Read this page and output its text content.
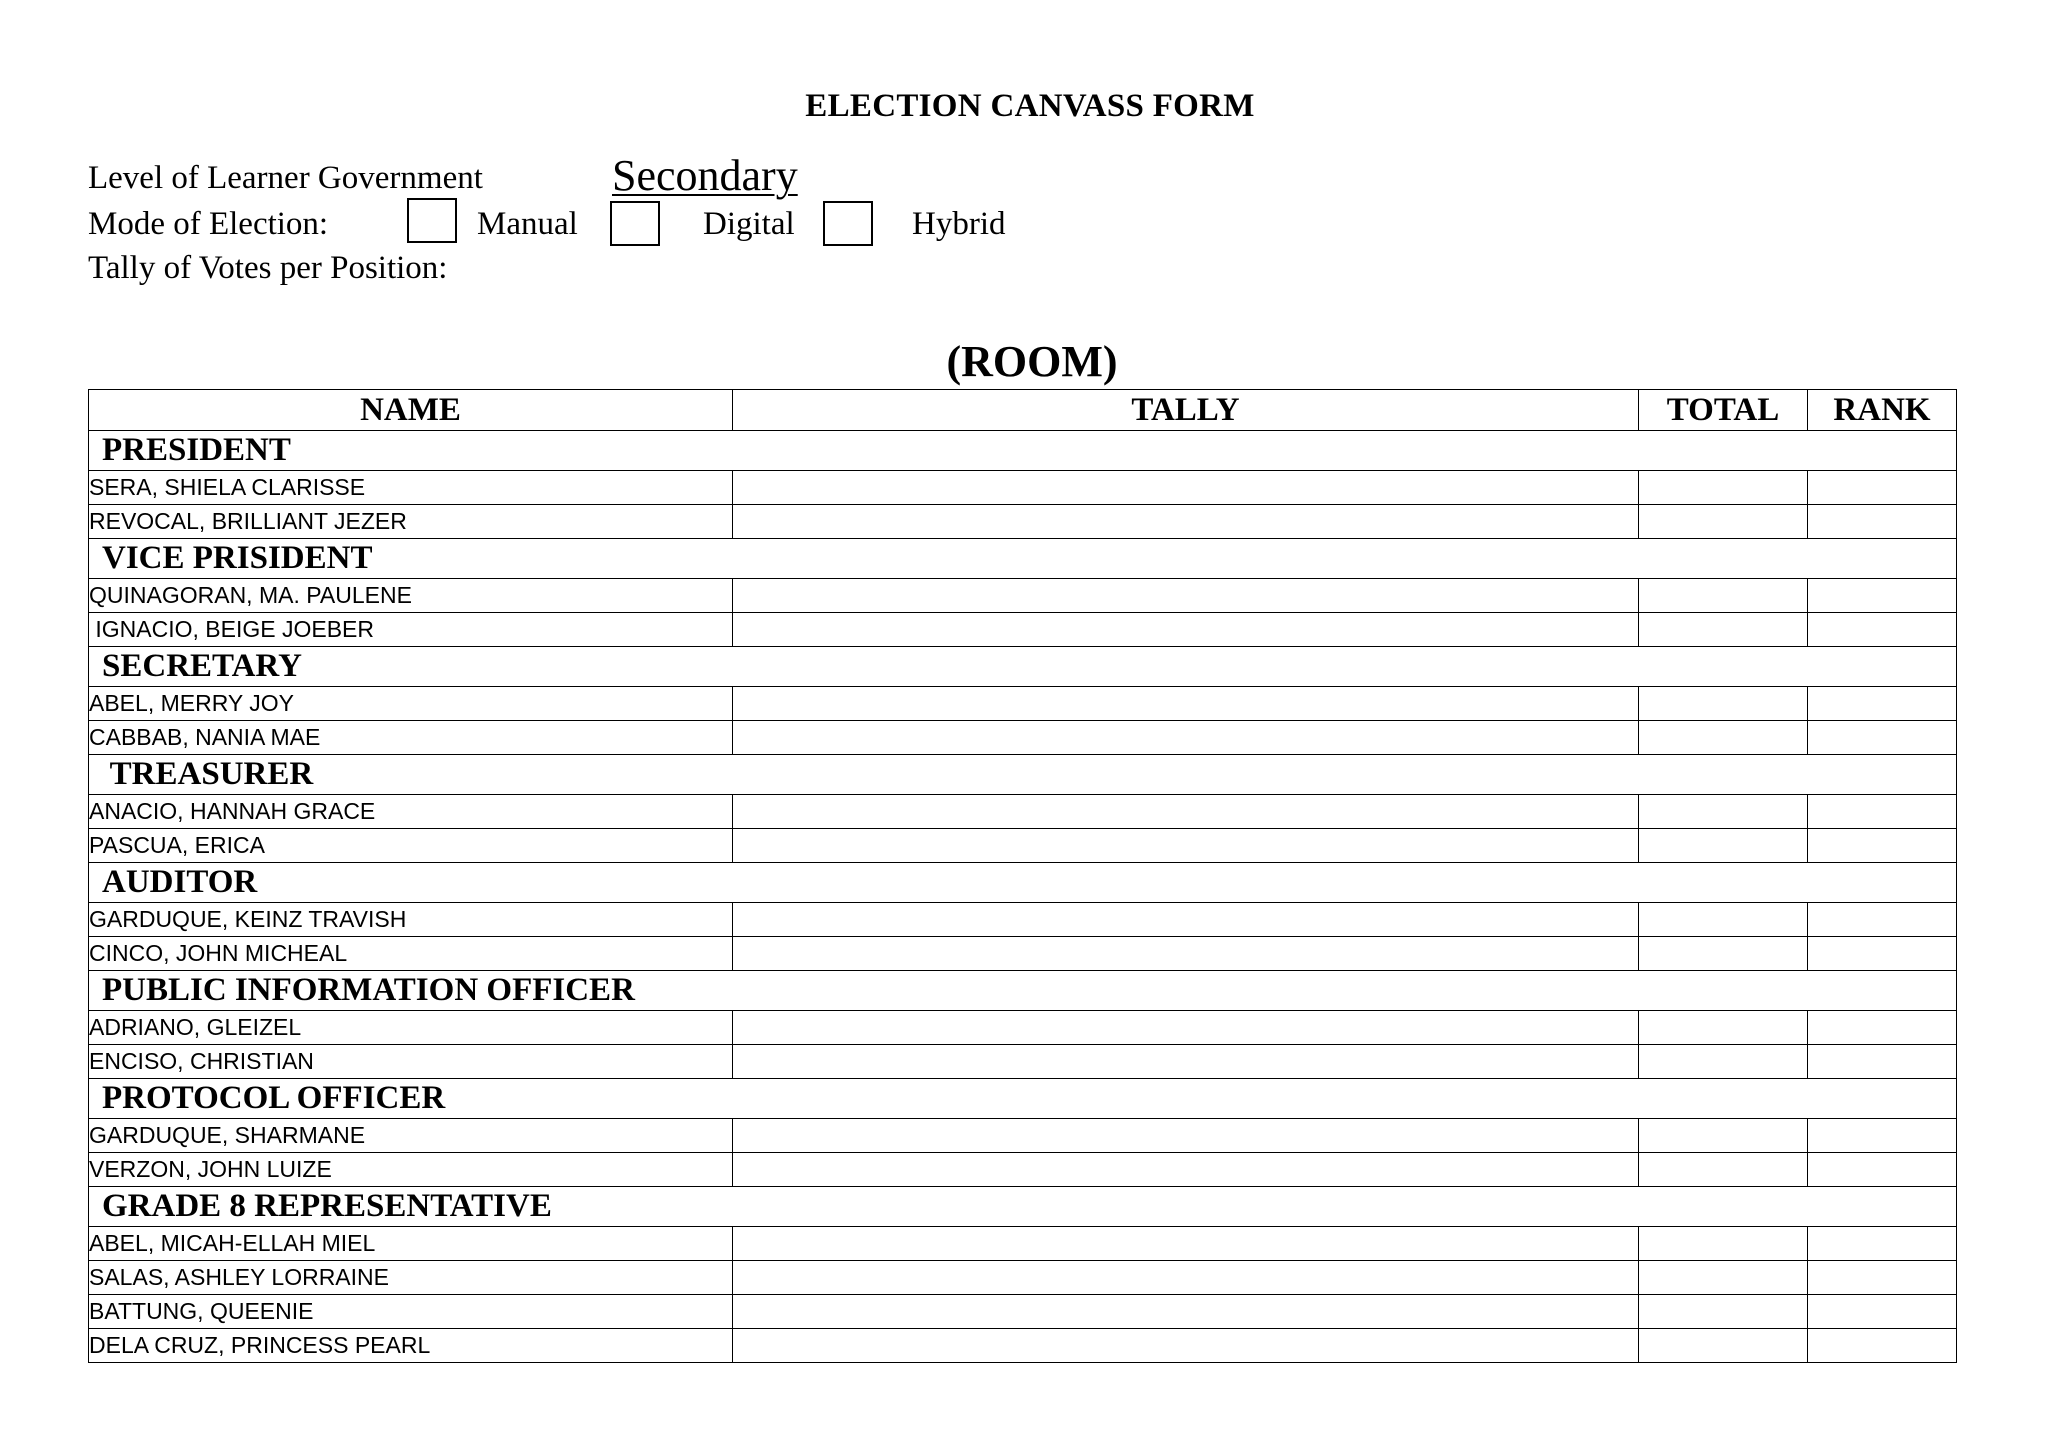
ELECTION CANVASS FORM
Level of Learner Government	Secondary
Mode of Election:	Manual	Digital	Hybrid
Tally of Votes per Position:
(ROOM)
NAME	TALLY	TOTAL	RANK
PRESIDENT			
SERA, SHIELA CLARISSE			
REVOCAL, BRILLIANT JEZER			
VICE PRISIDENT			
QUINAGORAN, MA. PAULENE			
IGNACIO, BEIGE JOEBER			
SECRETARY			
ABEL, MERRY JOY			
CABBAB, NANIA MAE			
TREASURER			
ANACIO, HANNAH GRACE			
PASCUA, ERICA			
AUDITOR			
GARDUQUE, KEINZ TRAVISH			
CINCO, JOHN MICHEAL			
PUBLIC INFORMATION OFFICER			
ADRIANO, GLEIZEL			
ENCISO, CHRISTIAN			
PROTOCOL OFFICER			
GARDUQUE, SHARMANE			
VERZON, JOHN LUIZE			
GRADE 8 REPRESENTATIVE			
ABEL, MICAH-ELLAH MIEL			
SALAS, ASHLEY LORRAINE			
BATTUNG, QUEENIE			
DELA CRUZ, PRINCESS PEARL			
